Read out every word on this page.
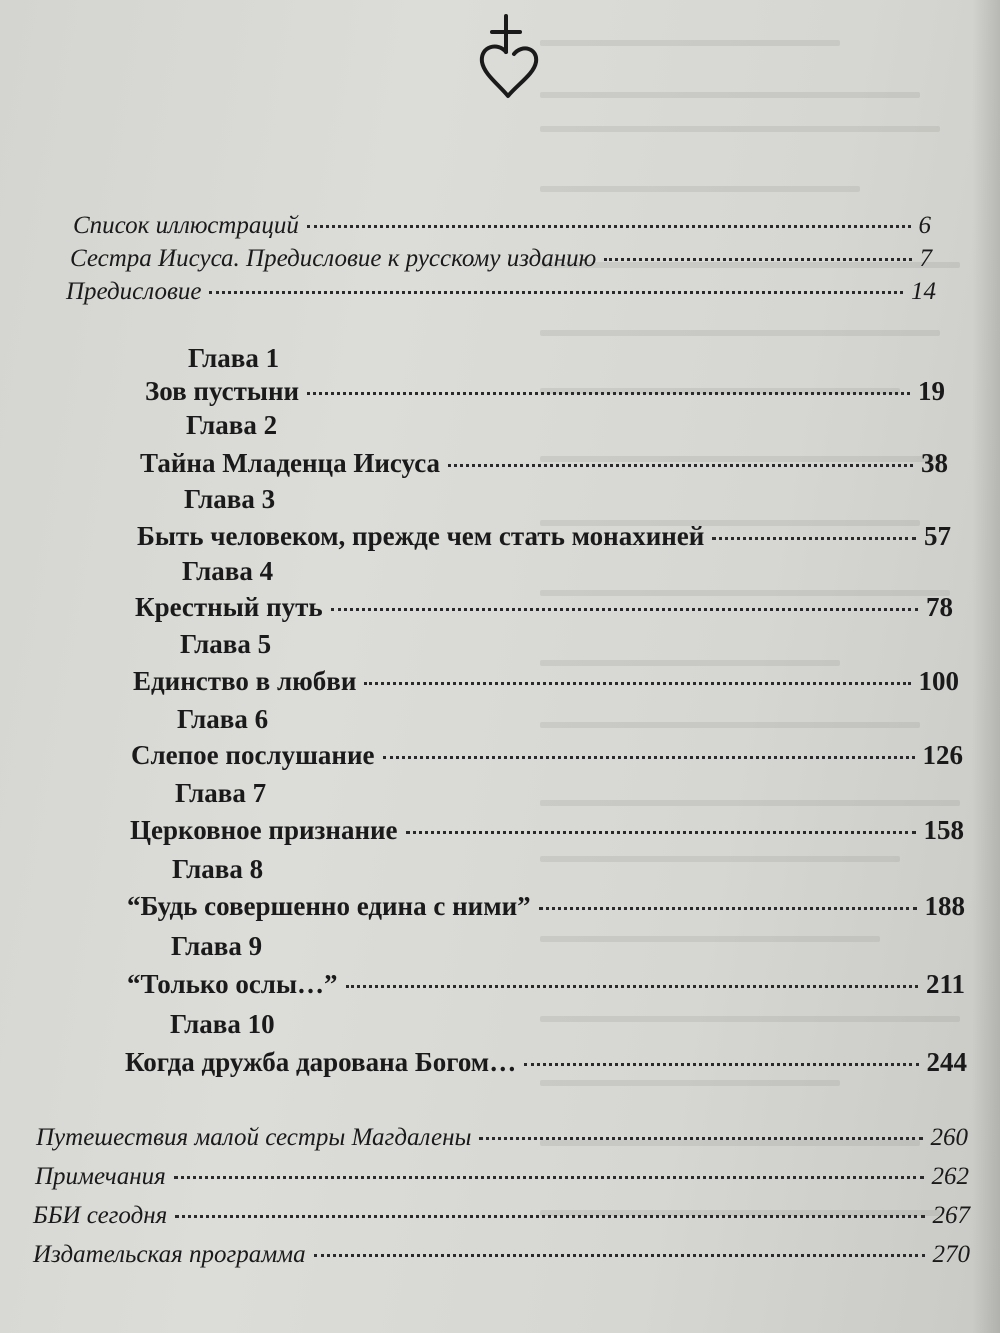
Список иллюстраций	6
Сестра Иисуса. Предисловие к русскому изданию	7
Предисловие	14
Глава 1
Зов пустыни	19
Глава 2
Тайна Младенца Иисуса	38
Глава 3
Быть человеком, прежде чем стать монахиней	57
Глава 4
Крестный путь	78
Глава 5
Единство в любви	100
Глава 6
Слепое послушание	126
Глава 7
Церковное признание	158
Глава 8
“Будь совершенно едина с ними”	188
Глава 9
“Только ослы…”	211
Глава 10
Когда дружба дарована Богом…	244
Путешествия малой сестры Магдалены	260
Примечания	262
ББИ сегодня	267
Издательская программа	270
